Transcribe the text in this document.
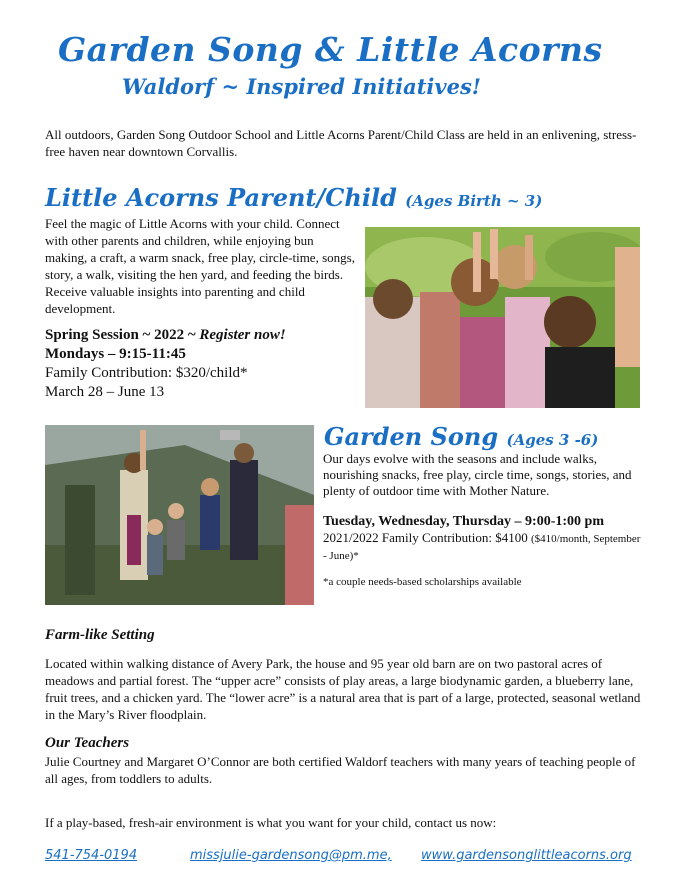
Garden Song & Little Acorns
Waldorf ~ Inspired Initiatives!
All outdoors, Garden Song Outdoor School and Little Acorns Parent/Child Class are held in an enlivening, stress-free haven near downtown Corvallis.
Little Acorns Parent/Child (Ages Birth ~ 3)
Feel the magic of Little Acorns with your child. Connect with other parents and children, while enjoying bun making, a craft, a warm snack, free play, circle-time, songs, story, a walk, visiting the hen yard, and feeding the birds. Receive valuable insights into parenting and child development.
Spring Session ~ 2022 ~ Register now!
Mondays – 9:15-11:45
Family Contribution: $320/child*
March 28 – June 13
Garden Song (Ages 3 -6)
Our days evolve with the seasons and include walks, nourishing snacks, free play, circle time, songs, stories, and plenty of outdoor time with Mother Nature.
Tuesday, Wednesday, Thursday – 9:00-1:00 pm
2021/2022 Family Contribution: $4100 ($410/month, September - June)*
*a couple needs-based scholarships available
Farm-like Setting
Located within walking distance of Avery Park, the house and 95 year old barn are on two pastoral acres of meadows and partial forest. The “upper acre” consists of play areas, a large biodynamic garden, a blueberry lane, fruit trees, and a chicken yard. The “lower acre” is a natural area that is part of a large, protected, seasonal wetland in the Mary’s River floodplain.
Our Teachers
Julie Courtney and Margaret O’Connor are both certified Waldorf teachers with many years of teaching people of all ages, from toddlers to adults.
If a play-based, fresh-air environment is what you want for your child, contact us now:
541-754-0194	missjulie-gardensong@pm.me, www.gardensonglittleacorns.org
